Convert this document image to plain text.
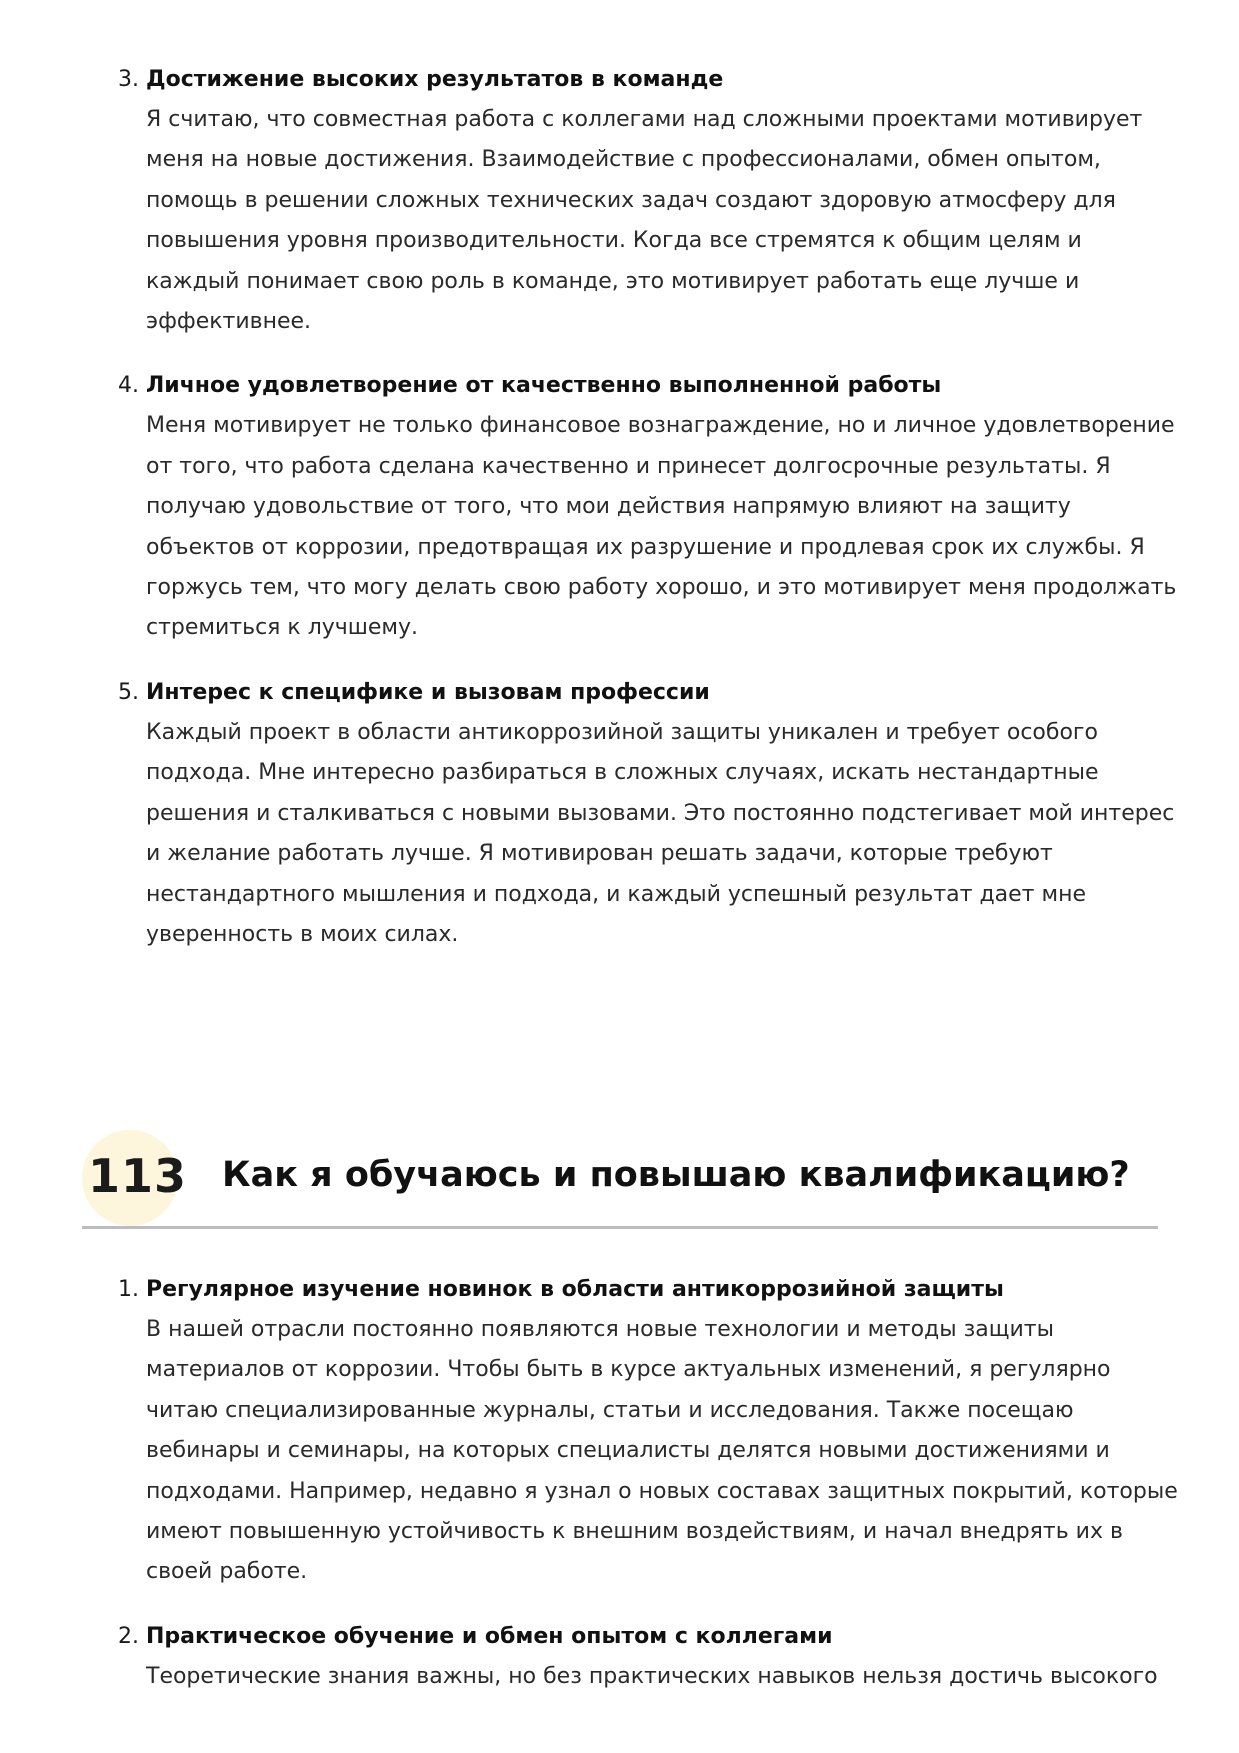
3. Достижение высоких результатов в команде

Я считаю, что совместная работа с коллегами над сложными проектами мотивирует меня на новые достижения. Взаимодействие с профессионалами, обмен опытом, помощь в решении сложных технических задач создают здоровую атмосферу для повышения уровня производительности. Когда все стремятся к общим целям и каждый понимает свою роль в команде, это мотивирует работать еще лучше и эффективнее.

4. Личное удовлетворение от качественно выполненной работы

Меня мотивирует не только финансовое вознаграждение, но и личное удовлетворение от того, что работа сделана качественно и принесет долгосрочные результаты. Я получаю удовольствие от того, что мои действия напрямую влияют на защиту объектов от коррозии, предотвращая их разрушение и продлевая срок их службы. Я горжусь тем, что могу делать свою работу хорошо, и это мотивирует меня продолжать стремиться к лучшему.

5. Интерес к специфике и вызовам профессии

Каждый проект в области антикоррозийной защиты уникален и требует особого подхода. Мне интересно разбираться в сложных случаях, искать нестандартные решения и сталкиваться с новыми вызовами. Это постоянно подстегивает мой интерес и желание работать лучше. Я мотивирован решать задачи, которые требуют нестандартного мышления и подхода, и каждый успешный результат дает мне уверенность в моих силах.

113 Как я обучаюсь и повышаю квалификацию?
1. Регулярное изучение новинок в области антикоррозийной защиты

В нашей отрасли постоянно появляются новые технологии и методы защиты материалов от коррозии. Чтобы быть в курсе актуальных изменений, я регулярно читаю специализированные журналы, статьи и исследования. Также посещаю вебинары и семинары, на которых специалисты делятся новыми достижениями и подходами. Например, недавно я узнал о новых составах защитных покрытий, которые имеют повышенную устойчивость к внешним воздействиям, и начал внедрять их в своей работе.

2. Практическое обучение и обмен опытом с коллегами

Теоретические знания важны, но без практических навыков нельзя достичь высокого
